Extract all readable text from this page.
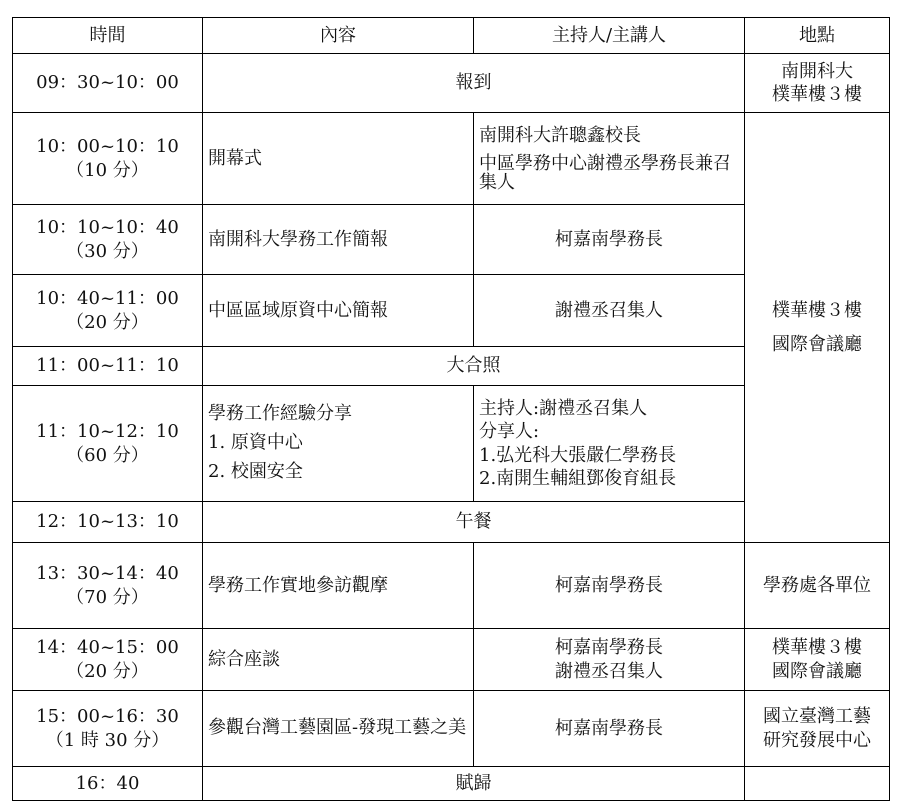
時間	內容	主持人/主講人	地點
09：30~10：00	報到		南開科大
樸華樓３樓

10：00~10：10
（10 分）	開幕式	南開科大許聰鑫校長
中區學務中心謝禮丞學務長兼召集人	樸華樓３樓
國際會議廳

10：10~10：40
（30 分）	南開科大學務工作簡報	柯嘉南學務長	

10：40~11：00
（20 分）	中區區域原資中心簡報	謝禮丞召集人	
11：00~11：10	大合照		

11：10~12：10
（60 分）	學務工作經驗分享
1. 原資中心
2. 校園安全	主持人:謝禮丞召集人
分享人:
1.弘光科大張嚴仁學務長
2.南開生輔組鄧俊育組長	

12：10~13：10	午餐		

13：30~14：40
（70 分）	學務工作實地參訪觀摩	柯嘉南學務長	學務處各單位

14：40~15：00
（20 分）	綜合座談	柯嘉南學務長
謝禮丞召集人	樸華樓３樓
國際會議廳

15：00~16：30
（1 時 30 分）	參觀台灣工藝園區-發現工藝之美	柯嘉南學務長	國立臺灣工藝
研究發展中心

16：40	賦歸		
